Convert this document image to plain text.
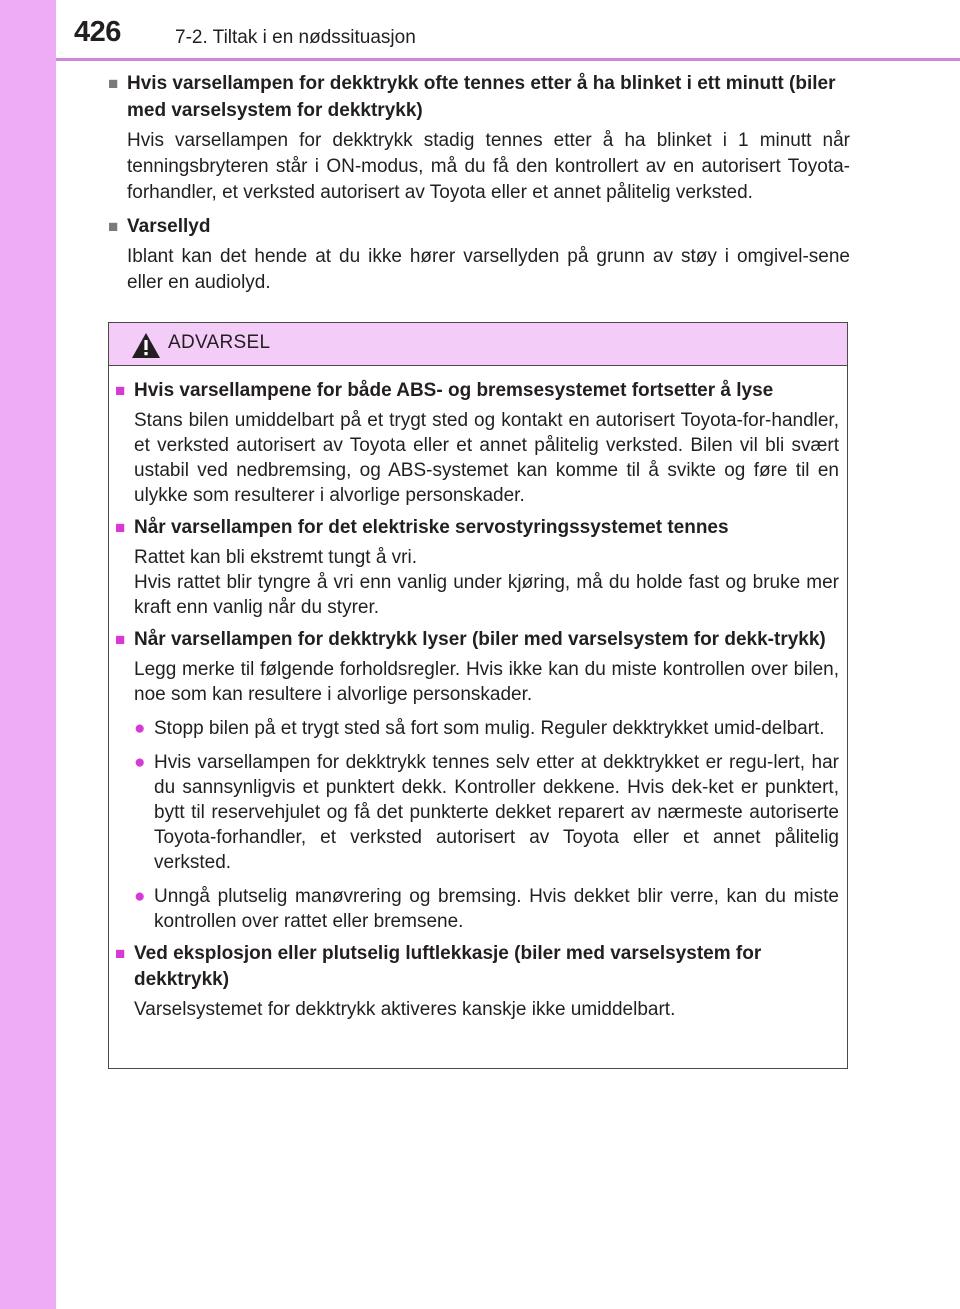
426	7-2. Tiltak i en nødssituasjon
■ Hvis varsellampen for dekktrykk ofte tennes etter å ha blinket i ett minutt (biler med varselsystem for dekktrykk)
Hvis varsellampen for dekktrykk stadig tennes etter å ha blinket i 1 minutt når tenningsbryteren står i ON-modus, må du få den kontrollert av en autorisert Toyota-forhandler, et verksted autorisert av Toyota eller et annet pålitelig verksted.
■ Varsellyd
Iblant kan det hende at du ikke hører varsellyden på grunn av støy i omgivel-sene eller en audiolyd.
ADVARSEL
■ Hvis varsellampene for både ABS- og bremsesystemet fortsetter å lyse
Stans bilen umiddelbart på et trygt sted og kontakt en autorisert Toyota-for-handler, et verksted autorisert av Toyota eller et annet pålitelig verksted. Bilen vil bli svært ustabil ved nedbremsing, og ABS-systemet kan komme til å svikte og føre til en ulykke som resulterer i alvorlige personskader.
■ Når varsellampen for det elektriske servostyringssystemet tennes
Rattet kan bli ekstremt tungt å vri.
Hvis rattet blir tyngre å vri enn vanlig under kjøring, må du holde fast og bruke mer kraft enn vanlig når du styrer.
■ Når varsellampen for dekktrykk lyser (biler med varselsystem for dekk-trykk)
Legg merke til følgende forholdsregler. Hvis ikke kan du miste kontrollen over bilen, noe som kan resultere i alvorlige personskader.
● Stopp bilen på et trygt sted så fort som mulig. Reguler dekktrykket umid-delbart.
● Hvis varsellampen for dekktrykk tennes selv etter at dekktrykket er regu-lert, har du sannsynligvis et punktert dekk. Kontroller dekkene. Hvis dek-ket er punktert, bytt til reservehjulet og få det punkterte dekket reparert av nærmeste autoriserte Toyota-forhandler, et verksted autorisert av Toyota eller et annet pålitelig verksted.
● Unngå plutselig manøvrering og bremsing. Hvis dekket blir verre, kan du miste kontrollen over rattet eller bremsene.
■ Ved eksplosjon eller plutselig luftlekkasje (biler med varselsystem for dekktrykk)
Varselsystemet for dekktrykk aktiveres kanskje ikke umiddelbart.
